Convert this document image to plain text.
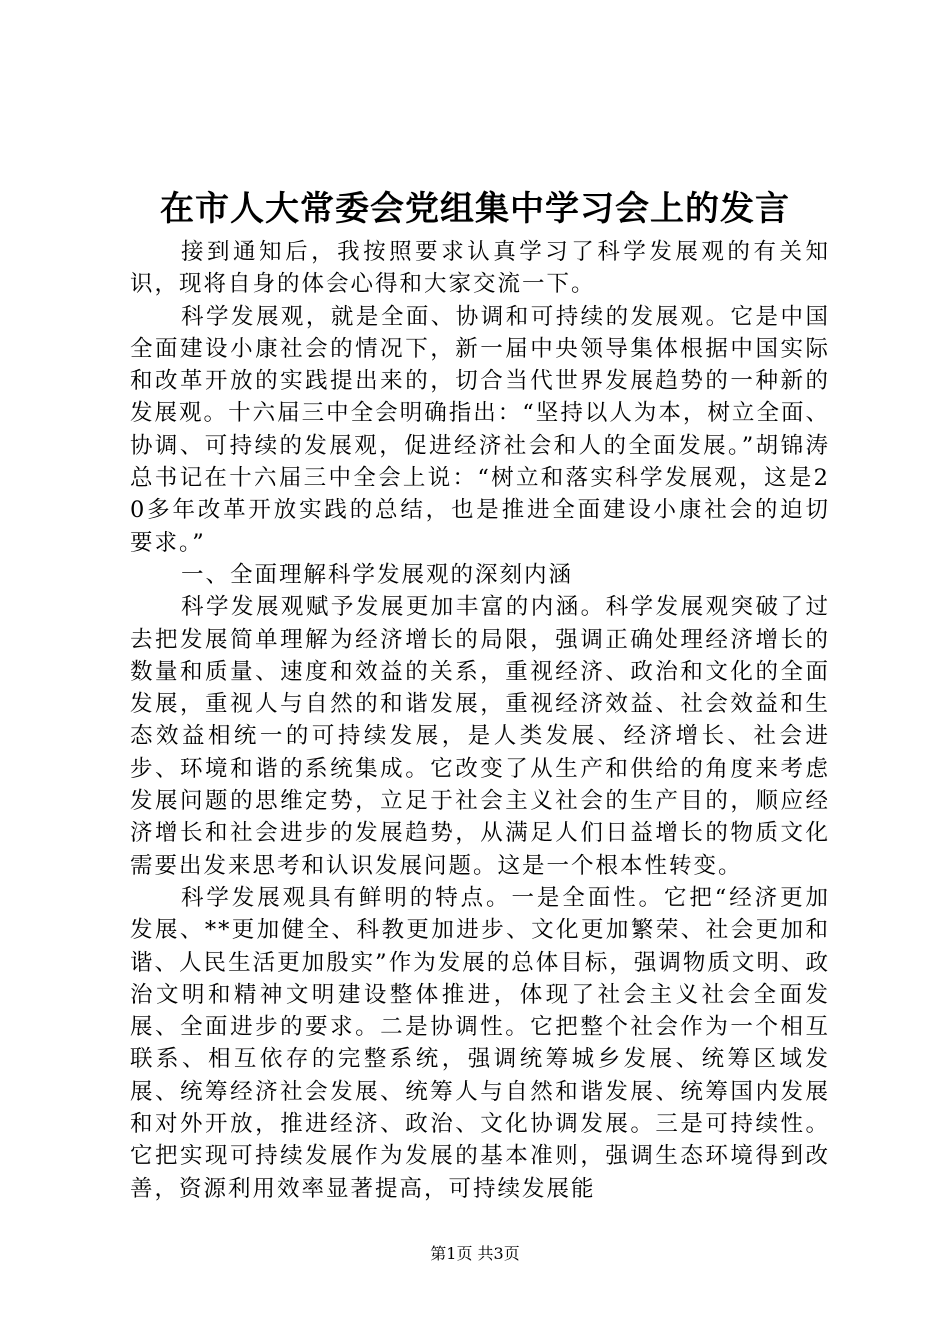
在市人大常委会党组集中学习会上的发言

接到通知后，我按照要求认真学习了科学发展观的有关知识，现将自身的体会心得和大家交流一下。

科学发展观，就是全面、协调和可持续的发展观。它是中国全面建设小康社会的情况下，新一届中央领导集体根据中国实际和改革开放的实践提出来的，切合当代世界发展趋势的一种新的发展观。十六届三中全会明确指出：“坚持以人为本，树立全面、协调、可持续的发展观，促进经济社会和人的全面发展。”胡锦涛总书记在十六届三中全会上说：“树立和落实科学发展观，这是20多年改革开放实践的总结，也是推进全面建设小康社会的迫切要求。”

一、全面理解科学发展观的深刻内涵

科学发展观赋予发展更加丰富的内涵。科学发展观突破了过去把发展简单理解为经济增长的局限，强调正确处理经济增长的数量和质量、速度和效益的关系，重视经济、政治和文化的全面发展，重视人与自然的和谐发展，重视经济效益、社会效益和生态效益相统一的可持续发展，是人类发展、经济增长、社会进步、环境和谐的系统集成。它改变了从生产和供给的角度来考虑发展问题的思维定势，立足于社会主义社会的生产目的，顺应经济增长和社会进步的发展趋势，从满足人们日益增长的物质文化需要出发来思考和认识发展问题。这是一个根本性转变。

科学发展观具有鲜明的特点。一是全面性。它把“经济更加发展、**更加健全、科教更加进步、文化更加繁荣、社会更加和谐、人民生活更加殷实”作为发展的总体目标，强调物质文明、政治文明和精神文明建设整体推进，体现了社会主义社会全面发展、全面进步的要求。二是协调性。它把整个社会作为一个相互联系、相互依存的完整系统，强调统筹城乡发展、统筹区域发展、统筹经济社会发展、统筹人与自然和谐发展、统筹国内发展和对外开放，推进经济、政治、文化协调发展。三是可持续性。它把实现可持续发展作为发展的基本准则，强调生态环境得到改善，资源利用效率显著提高，可持续发展能

第1页 共3页
